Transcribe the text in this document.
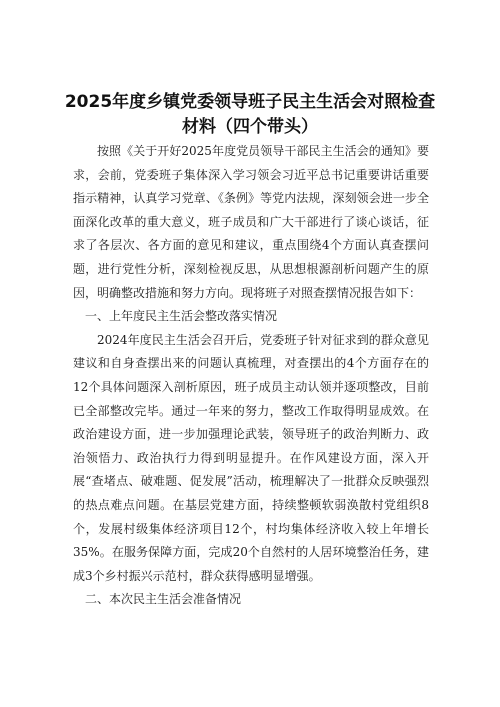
2025年度乡镇党委领导班子民主生活会对照检查材料（四个带头）

按照《关于开好2025年度党员领导干部民主生活会的通知》要求，会前，党委班子集体深入学习领会习近平总书记重要讲话重要指示精神，认真学习党章、《条例》等党内法规，深刻领会进一步全面深化改革的重大意义，班子成员和广大干部进行了谈心谈话，征求了各层次、各方面的意见和建议，重点围绕4个方面认真查摆问题，进行党性分析，深刻检视反思，从思想根源剖析问题产生的原因，明确整改措施和努力方向。现将班子对照查摆情况报告如下：

一、上年度民主生活会整改落实情况

2024年度民主生活会召开后，党委班子针对征求到的群众意见建议和自身查摆出来的问题认真梳理，对查摆出的4个方面存在的12个具体问题深入剖析原因，班子成员主动认领并逐项整改，目前已全部整改完毕。通过一年来的努力，整改工作取得明显成效。在政治建设方面，进一步加强理论武装，领导班子的政治判断力、政治领悟力、政治执行力得到明显提升。在作风建设方面，深入开展“查堵点、破难题、促发展”活动，梳理解决了一批群众反映强烈的热点难点问题。在基层党建方面，持续整顿软弱涣散村党组织8个，发展村级集体经济项目12个，村均集体经济收入较上年增长35%。在服务保障方面，完成20个自然村的人居环境整治任务，建成3个乡村振兴示范村，群众获得感明显增强。

二、本次民主生活会准备情况
